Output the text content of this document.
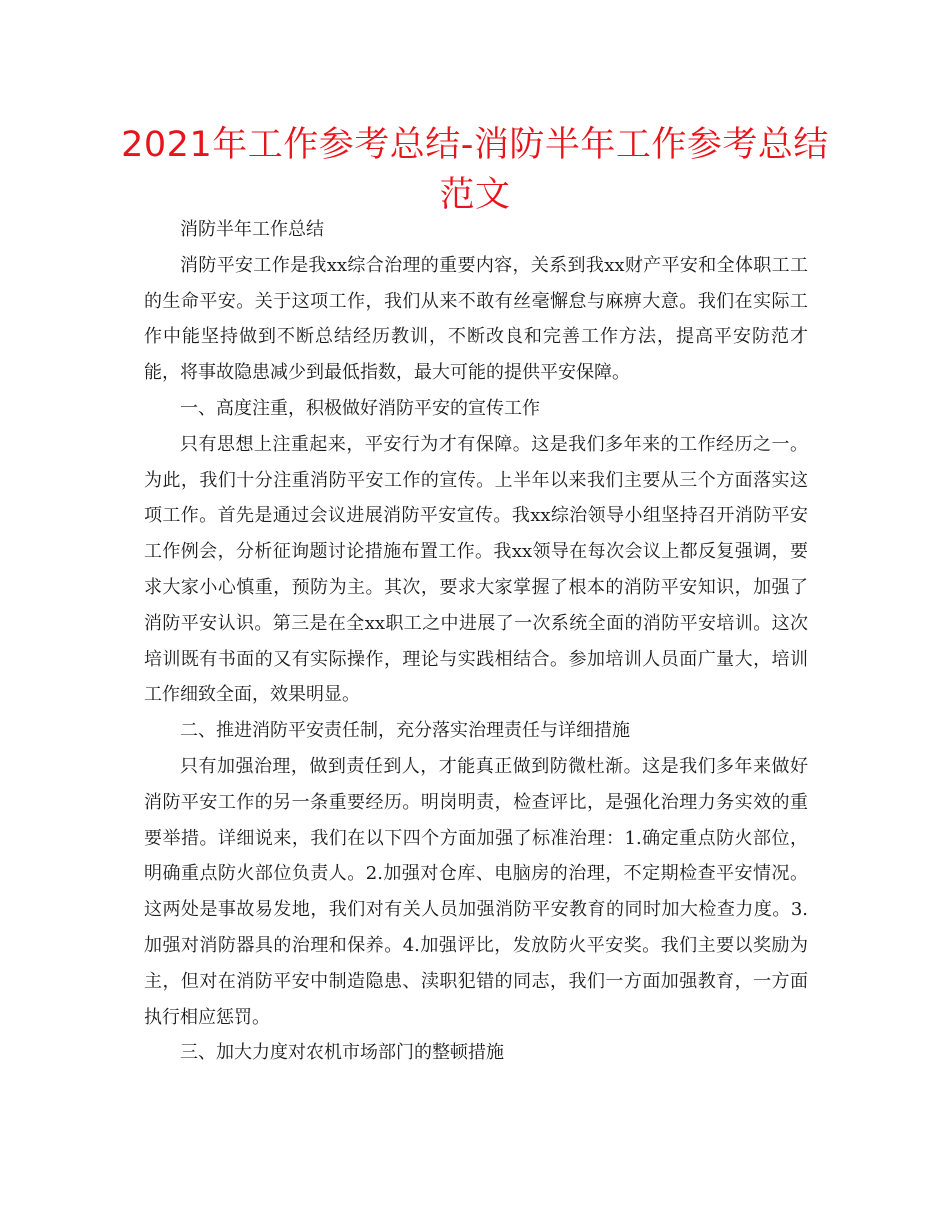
2021年工作参考总结-消防半年工作参考总结范文

消防半年工作总结

消防平安工作是我xx综合治理的重要内容，关系到我xx财产平安和全体职工工的生命平安。关于这项工作，我们从来不敢有丝毫懈怠与麻痹大意。我们在实际工作中能坚持做到不断总结经历教训，不断改良和完善工作方法，提高平安防范才能，将事故隐患减少到最低指数，最大可能的提供平安保障。

一、高度注重，积极做好消防平安的宣传工作

只有思想上注重起来，平安行为才有保障。这是我们多年来的工作经历之一。为此，我们十分注重消防平安工作的宣传。上半年以来我们主要从三个方面落实这项工作。首先是通过会议进展消防平安宣传。我xx综治领导小组坚持召开消防平安工作例会，分析征询题讨论措施布置工作。我xx领导在每次会议上都反复强调，要求大家小心慎重，预防为主。其次，要求大家掌握了根本的消防平安知识，加强了消防平安认识。第三是在全xx职工之中进展了一次系统全面的消防平安培训。这次培训既有书面的又有实际操作，理论与实践相结合。参加培训人员面广量大，培训工作细致全面，效果明显。

二、推进消防平安责任制，充分落实治理责任与详细措施

只有加强治理，做到责任到人，才能真正做到防微杜渐。这是我们多年来做好消防平安工作的另一条重要经历。明岗明责，检查评比，是强化治理力务实效的重要举措。详细说来，我们在以下四个方面加强了标准治理：1.确定重点防火部位，明确重点防火部位负责人。2.加强对仓库、电脑房的治理，不定期检查平安情况。这两处是事故易发地，我们对有关人员加强消防平安教育的同时加大检查力度。3.加强对消防器具的治理和保养。4.加强评比，发放防火平安奖。我们主要以奖励为主，但对在消防平安中制造隐患、渎职犯错的同志，我们一方面加强教育，一方面执行相应惩罚。

三、加大力度对农机市场部门的整顿措施
